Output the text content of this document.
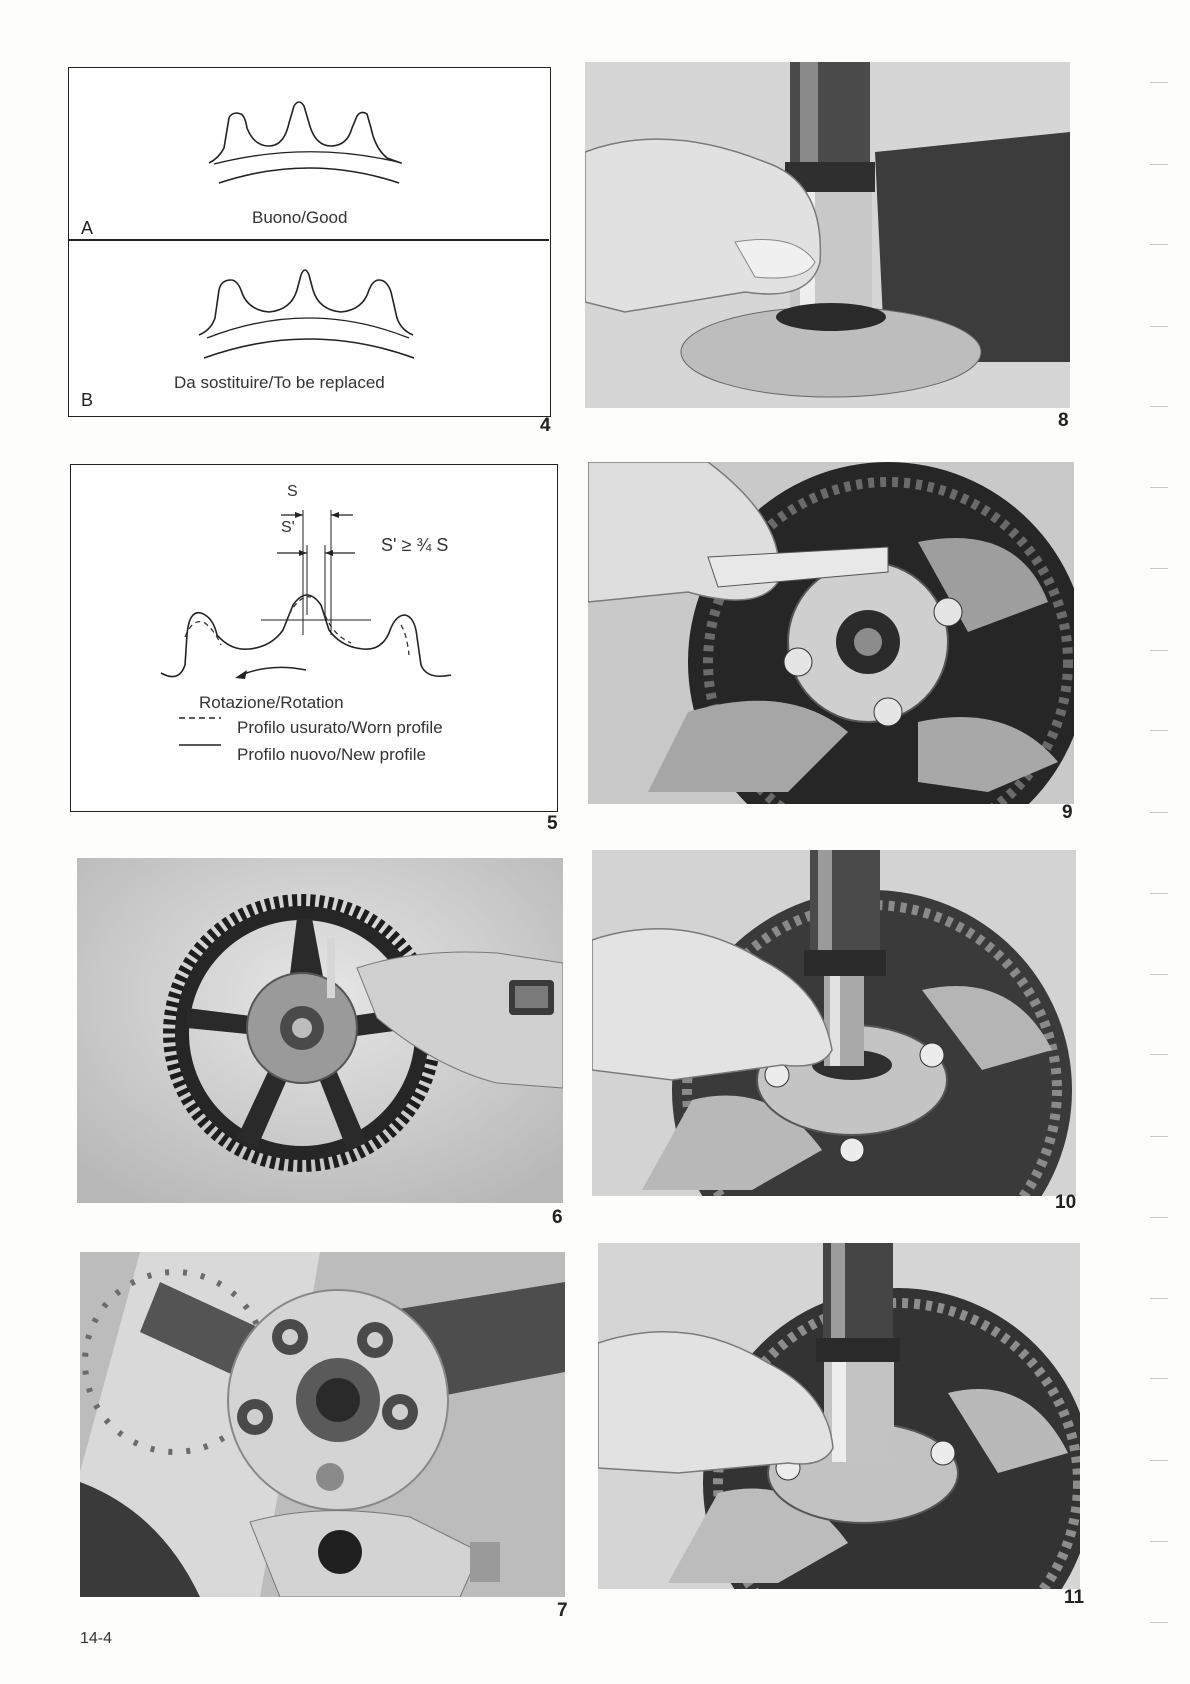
A
Buono/Good
B
Da sostituire/To be replaced
4
S
S'
S' ≥ ¾ S
Rotazione/Rotation
Profilo usurato/Worn profile
Profilo nuovo/New profile
5
6
7
8
9
10
11
14-4
